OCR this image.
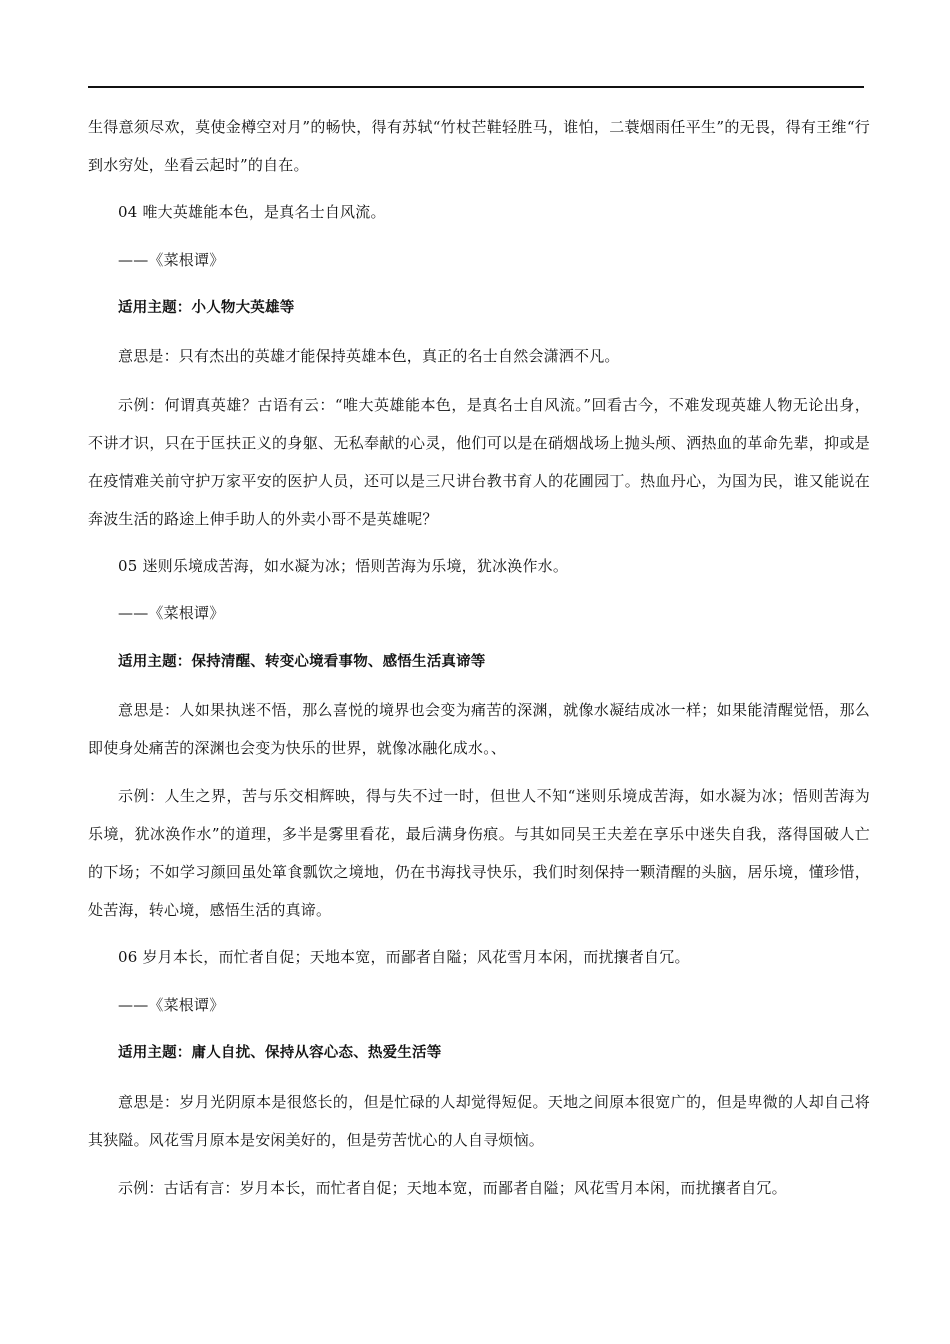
生得意须尽欢，莫使金樽空对月”的畅快，得有苏轼“竹杖芒鞋轻胜马，谁怕，二蓑烟雨任平生”的无畏，得有王维“行到水穷处，坐看云起时”的自在。

04 唯大英雄能本色，是真名士自风流。

——《菜根谭》

适用主题：小人物大英雄等

意思是：只有杰出的英雄才能保持英雄本色，真正的名士自然会潇洒不凡。

示例：何谓真英雄？古语有云：“唯大英雄能本色，是真名士自风流。”回看古今，不难发现英雄人物无论出身，不讲才识，只在于匡扶正义的身躯、无私奉献的心灵，他们可以是在硝烟战场上抛头颅、洒热血的革命先辈，抑或是在疫情难关前守护万家平安的医护人员，还可以是三尺讲台教书育人的花圃园丁。热血丹心，为国为民，谁又能说在奔波生活的路途上伸手助人的外卖小哥不是英雄呢？

05 迷则乐境成苦海，如水凝为冰；悟则苦海为乐境，犹冰涣作水。

——《菜根谭》

适用主题：保持清醒、转变心境看事物、感悟生活真谛等

意思是：人如果执迷不悟，那么喜悦的境界也会变为痛苦的深渊，就像水凝结成冰一样；如果能清醒觉悟，那么即使身处痛苦的深渊也会变为快乐的世界，就像冰融化成水。、

示例：人生之界，苦与乐交相辉映，得与失不过一时，但世人不知“迷则乐境成苦海，如水凝为冰；悟则苦海为乐境，犹冰涣作水”的道理，多半是雾里看花，最后满身伤痕。与其如同吴王夫差在享乐中迷失自我，落得国破人亡的下场；不如学习颜回虽处箪食瓢饮之境地，仍在书海找寻快乐，我们时刻保持一颗清醒的头脑，居乐境，懂珍惜，处苦海，转心境，感悟生活的真谛。

06 岁月本长，而忙者自促；天地本宽，而鄙者自隘；风花雪月本闲，而扰攘者自冗。

——《菜根谭》

适用主题：庸人自扰、保持从容心态、热爱生活等

意思是：岁月光阴原本是很悠长的，但是忙碌的人却觉得短促。天地之间原本很宽广的，但是卑微的人却自己将其狭隘。风花雪月原本是安闲美好的，但是劳苦忧心的人自寻烦恼。

示例：古话有言：岁月本长，而忙者自促；天地本宽，而鄙者自隘；风花雪月本闲，而扰攘者自冗。
